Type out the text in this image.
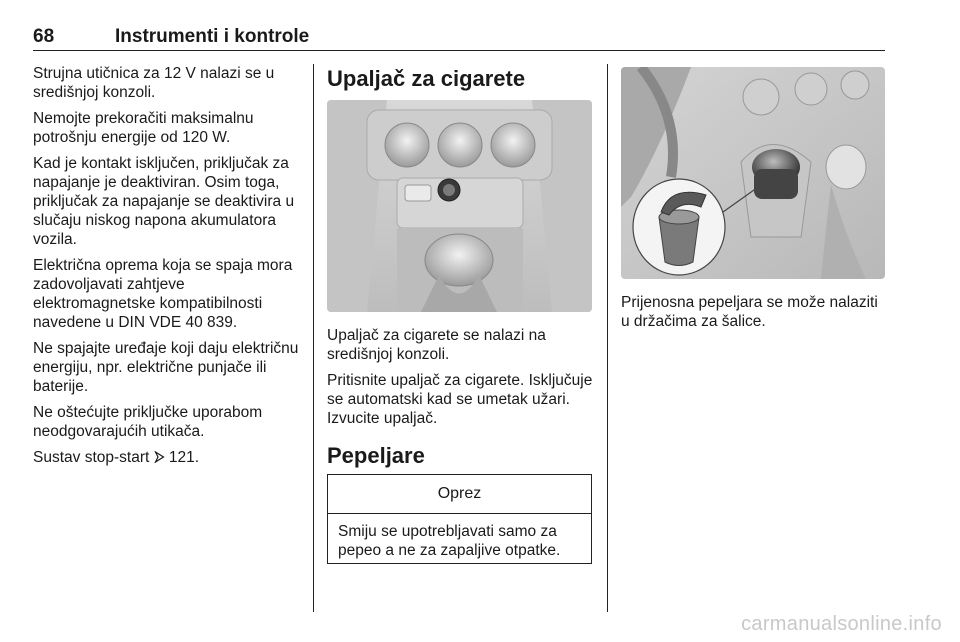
68	Instrumenti i kontrole

Strujna utičnica za 12 V nalazi se u središnjoj konzoli.

Nemojte prekoračiti maksimalnu potrošnju energije od 120 W.

Kad je kontakt isključen, priključak za napajanje je deaktiviran. Osim toga, priključak za napajanje se deaktivira u slučaju niskog napona akumulatora vozila.

Električna oprema koja se spaja mora zadovoljavati zahtjeve elektromagnetske kompatibilnosti navedene u DIN VDE 40 839.

Ne spajajte uređaje koji daju električnu energiju, npr. električne punjače ili baterije.

Ne oštećujte priključke uporabom neodgovarajućih utikača.

Sustav stop-start 121.

Upaljač za cigarete

Upaljač za cigarete se nalazi na središnjoj konzoli.

Pritisnite upaljač za cigarete. Isključuje se automatski kad se umetak užari. Izvucite upaljač.

Pepeljare
Oprez
Smiju se upotrebljavati samo za pepeo a ne za zapaljive otpatke.

Prijenosna pepeljara se može nalaziti u držačima za šalice.

carmanualsonline.info
